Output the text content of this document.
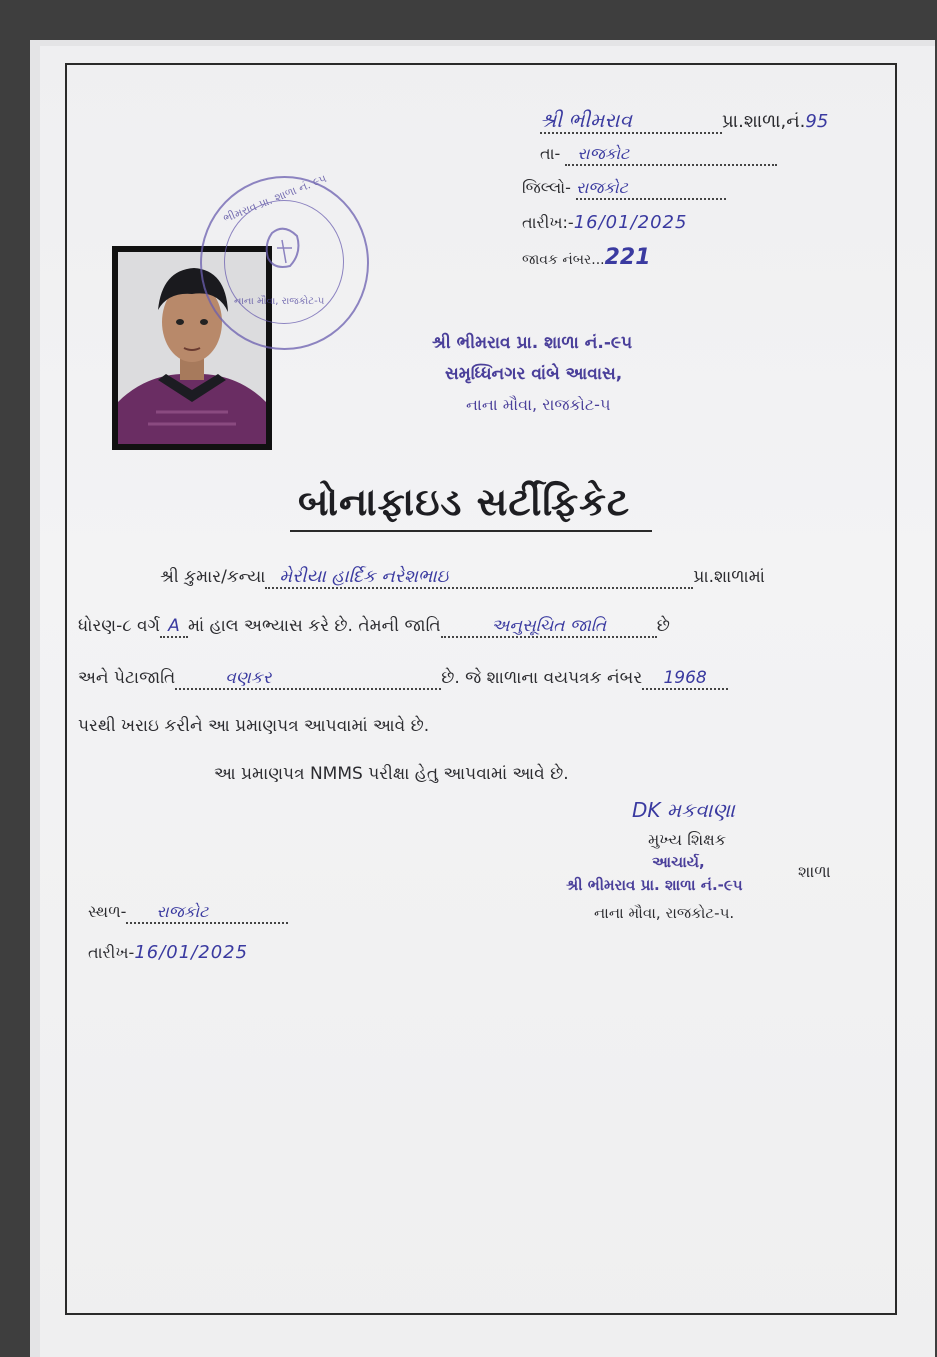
શ્રી ભીમરાવ	પ્રા.શાળા,નં.95
તા- રાજકોટ
જિલ્લો- રાજકોટ
તારીખ:-16/01/2025
જાવક નંબર...221
ભીમરાવ પ્રા. શાળા નં. ૯૫
નાના મૌવા, રાજકોટ-૫
શ્રી ભીમરાવ પ્રા. શાળા નં.-૯૫
સમૃધ્ધિનગર વાંબે આવાસ,
નાના મૌવા, રાજકોટ-૫
બોનાફાઇડ સર્ટીફિકેટ
શ્રી કુમાર/કન્યા મેરીયા હાર્દિક નરેશભાઇ	પ્રા.શાળામાં
ધોરણ-૮ વર્ગ A માં હાલ અભ્યાસ કરે છે. તેમની જાતિ	અનુસૂચિત જાતિ	છે
અને પેટાજાતિ	વણકર	છે. જે શાળાના વયપત્રક નંબર 1968
પરથી ખરાઇ કરીને આ પ્રમાણપત્ર આપવામાં આવે છે.
આ પ્રમાણપત્ર NMMS પરીક્ષા હેતુ આપવામાં આવે છે.
DK મકવાણા
મુખ્ય શિક્ષક
આચાર્ય,
શ્રી ભીમરાવ પ્રા. શાળા નં.-૯૫
શાળા
નાના મૌવા, રાજકોટ-૫.
સ્થળ- રાજકોટ
તારીખ-16/01/2025
